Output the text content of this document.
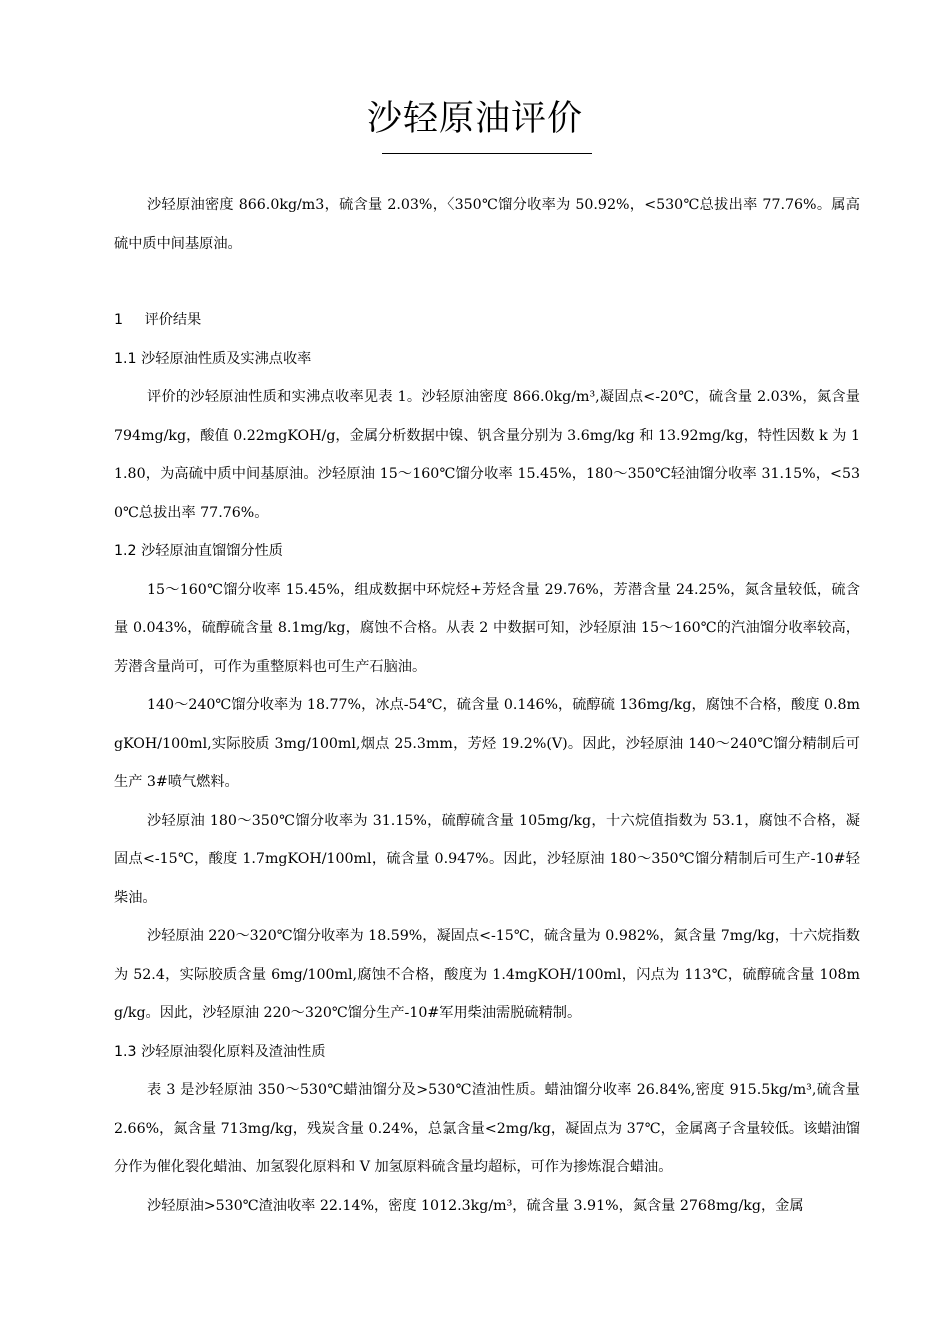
沙轻原油评价

沙轻原油密度 866.0kg/m3，硫含量 2.03%，〈350℃馏分收率为 50.92%，<530℃总拔出率 77.76%。属高硫中质中间基原油。

1 评价结果
1.1 沙轻原油性质及实沸点收率

评价的沙轻原油性质和实沸点收率见表 1。沙轻原油密度 866.0kg/m³,凝固点<-20℃，硫含量 2.03%，氮含量 794mg/kg，酸值 0.22mgKOH/g，金属分析数据中镍、钒含量分别为 3.6mg/kg 和 13.92mg/kg，特性因数 k 为 11.80，为高硫中质中间基原油。沙轻原油 15～160℃馏分收率 15.45%，180～350℃轻油馏分收率 31.15%，<530℃总拔出率 77.76%。

1.2 沙轻原油直馏馏分性质

15～160℃馏分收率 15.45%，组成数据中环烷烃+芳烃含量 29.76%，芳潜含量 24.25%，氮含量较低，硫含量 0.043%，硫醇硫含量 8.1mg/kg，腐蚀不合格。从表 2 中数据可知，沙轻原油 15～160℃的汽油馏分收率较高，芳潜含量尚可，可作为重整原料也可生产石脑油。

140～240℃馏分收率为 18.77%，冰点-54℃，硫含量 0.146%，硫醇硫 136mg/kg，腐蚀不合格，酸度 0.8mgKOH/100ml,实际胶质 3mg/100ml,烟点 25.3mm，芳烃 19.2%(V)。因此，沙轻原油 140～240℃馏分精制后可生产 3#喷气燃料。

沙轻原油 180～350℃馏分收率为 31.15%，硫醇硫含量 105mg/kg，十六烷值指数为 53.1，腐蚀不合格，凝固点<-15℃，酸度 1.7mgKOH/100ml，硫含量 0.947%。因此，沙轻原油 180～350℃馏分精制后可生产-10#轻柴油。

沙轻原油 220～320℃馏分收率为 18.59%，凝固点<-15℃，硫含量为 0.982%，氮含量 7mg/kg，十六烷指数为 52.4，实际胶质含量 6mg/100ml,腐蚀不合格，酸度为 1.4mgKOH/100ml，闪点为 113℃，硫醇硫含量 108mg/kg。因此，沙轻原油 220～320℃馏分生产-10#军用柴油需脱硫精制。

1.3 沙轻原油裂化原料及渣油性质

表 3 是沙轻原油 350～530℃蜡油馏分及>530℃渣油性质。蜡油馏分收率 26.84%,密度 915.5kg/m³,硫含量 2.66%，氮含量 713mg/kg，残炭含量 0.24%，总氯含量<2mg/kg，凝固点为 37℃，金属离子含量较低。该蜡油馏分作为催化裂化蜡油、加氢裂化原料和 V 加氢原料硫含量均超标，可作为掺炼混合蜡油。

沙轻原油>530℃渣油收率 22.14%，密度 1012.3kg/m³，硫含量 3.91%，氮含量 2768mg/kg，金属
